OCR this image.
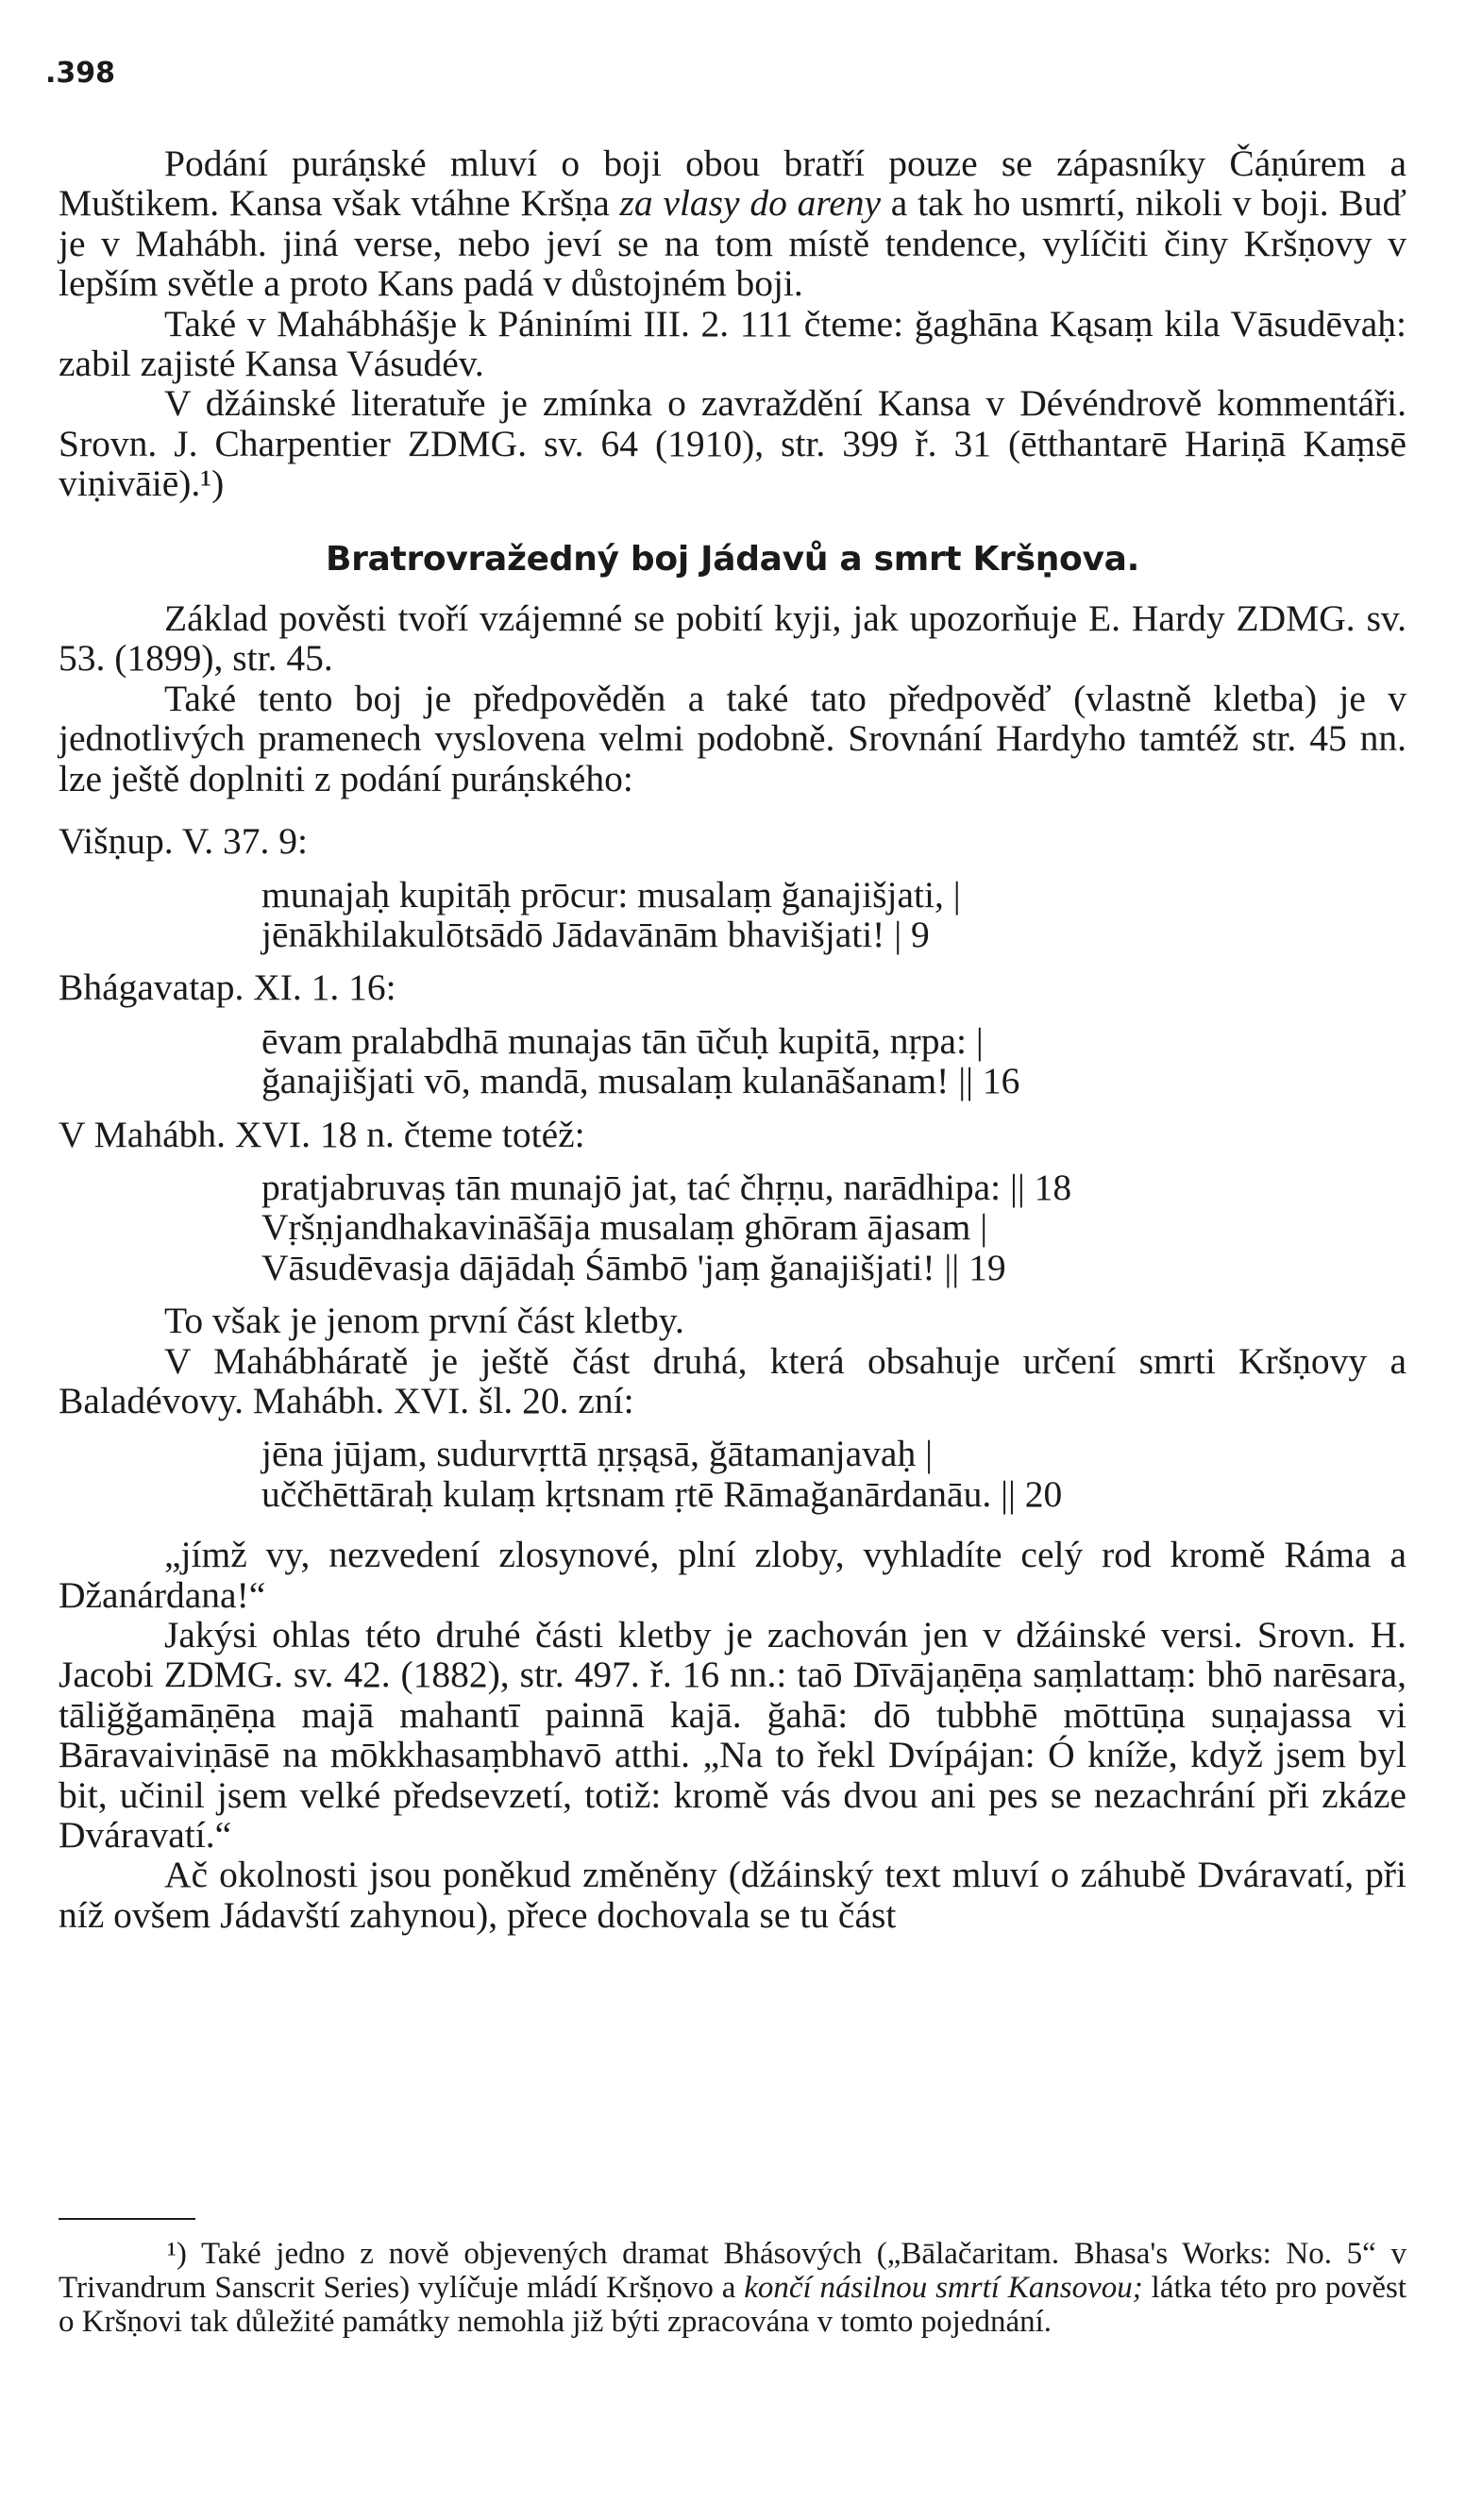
.398

Podání puráṇské mluví o boji obou bratří pouze se zápasníky Čáṇúrem a Muštikem. Kansa však vtáhne Kršṇa za vlasy do areny a tak ho usmrtí, nikoli v boji. Buď je v Mahábh. jiná verse, nebo jeví se na tom místě tendence, vylíčiti činy Kršṇovy v lepším světle a proto Kans padá v důstojném boji.

Také v Mahábhášje k Pániními III. 2. 111 čteme: ğaghāna Kąsaṃ kila Vāsudēvaḥ: zabil zajisté Kansa Vásudév.

V džáinské literatuře je zmínka o zavraždění Kansa v Dévéndrově kommentáři. Srovn. J. Charpentier ZDMG. sv. 64 (1910), str. 399 ř. 31 (ētthantarē Hariṇā Kaṃsē viṇivāiē).¹)

Bratrovražedný boj Jádavů a smrt Kršṇova.

Základ pověsti tvoří vzájemné se pobití kyji, jak upozorňuje E. Hardy ZDMG. sv. 53. (1899), str. 45.

Také tento boj je předpověděn a také tato předpověď (vlastně kletba) je v jednotlivých pramenech vyslovena velmi podobně. Srovnání Hardyho tamtéž str. 45 nn. lze ještě doplniti z podání puráṇského:

Višṇup. V. 37. 9:

munajaḥ kupitāḥ prōcur: musalaṃ ğanajišjati, |
jēnākhilakulōtsādō Jādavānām bhavišjati! | 9

Bhágavatap. XI. 1. 16:

ēvam pralabdhā munajas tān ūčuḥ kupitā, nṛpa: |
ğanajišjati vō, mandā, musalaṃ kulanāšanam! || 16

V Mahábh. XVI. 18 n. čteme totéž:

pratjabruvaṣ tān munajō jat, tać čhṛṇu, narādhipa: || 18
Vṛšṇjandhakavināšāja musalaṃ ghōram ājasam |
Vāsudēvasja dājādaḥ Śāmbō 'jaṃ ğanajišjati! || 19

To však je jenom první část kletby.

V Mahábháratě je ještě část druhá, která obsahuje určení smrti Kršṇovy a Baladévovy. Mahábh. XVI. šl. 20. zní:

jēna jūjam, sudurvṛttā ṇṛṣąsā, ğātamanjavaḥ |
uččhēttāraḥ kulaṃ kṛtsnam ṛtē Rāmağanārdanāu. || 20

„jímž vy, nezvedení zlosynové, plní zloby, vyhladíte celý rod kromě Ráma a Džanárdana!“

Jakýsi ohlas této druhé části kletby je zachován jen v džáinské versi. Srovn. H. Jacobi ZDMG. sv. 42. (1882), str. 497. ř. 16 nn.: taō Dīvājaṇēṇa saṃlattaṃ: bhō narēsara, tāliğğamāṇēṇa majā mahantī painnā kajā. ğahā: dō tubbhē mōttūṇa suṇajassa vi Bāravaiviṇāsē na mōkkhasaṃbhavō atthi. „Na to řekl Dvípájan: Ó kníže, když jsem byl bit, učinil jsem velké předsevzetí, totiž: kromě vás dvou ani pes se nezachrání při zkáze Dváravatí.“

Ač okolnosti jsou poněkud změněny (džáinský text mluví o záhubě Dváravatí, při níž ovšem Jádavští zahynou), přece dochovala se tu část

¹) Také jedno z nově objevených dramat Bhásových („Bālačaritam. Bhasa's Works: No. 5“ v Trivandrum Sanscrit Series) vylíčuje mládí Kršṇovo a končí násilnou smrtí Kansovou; látka této pro pověst o Kršṇovi tak důležité památky nemohla již býti zpracována v tomto pojednání.
